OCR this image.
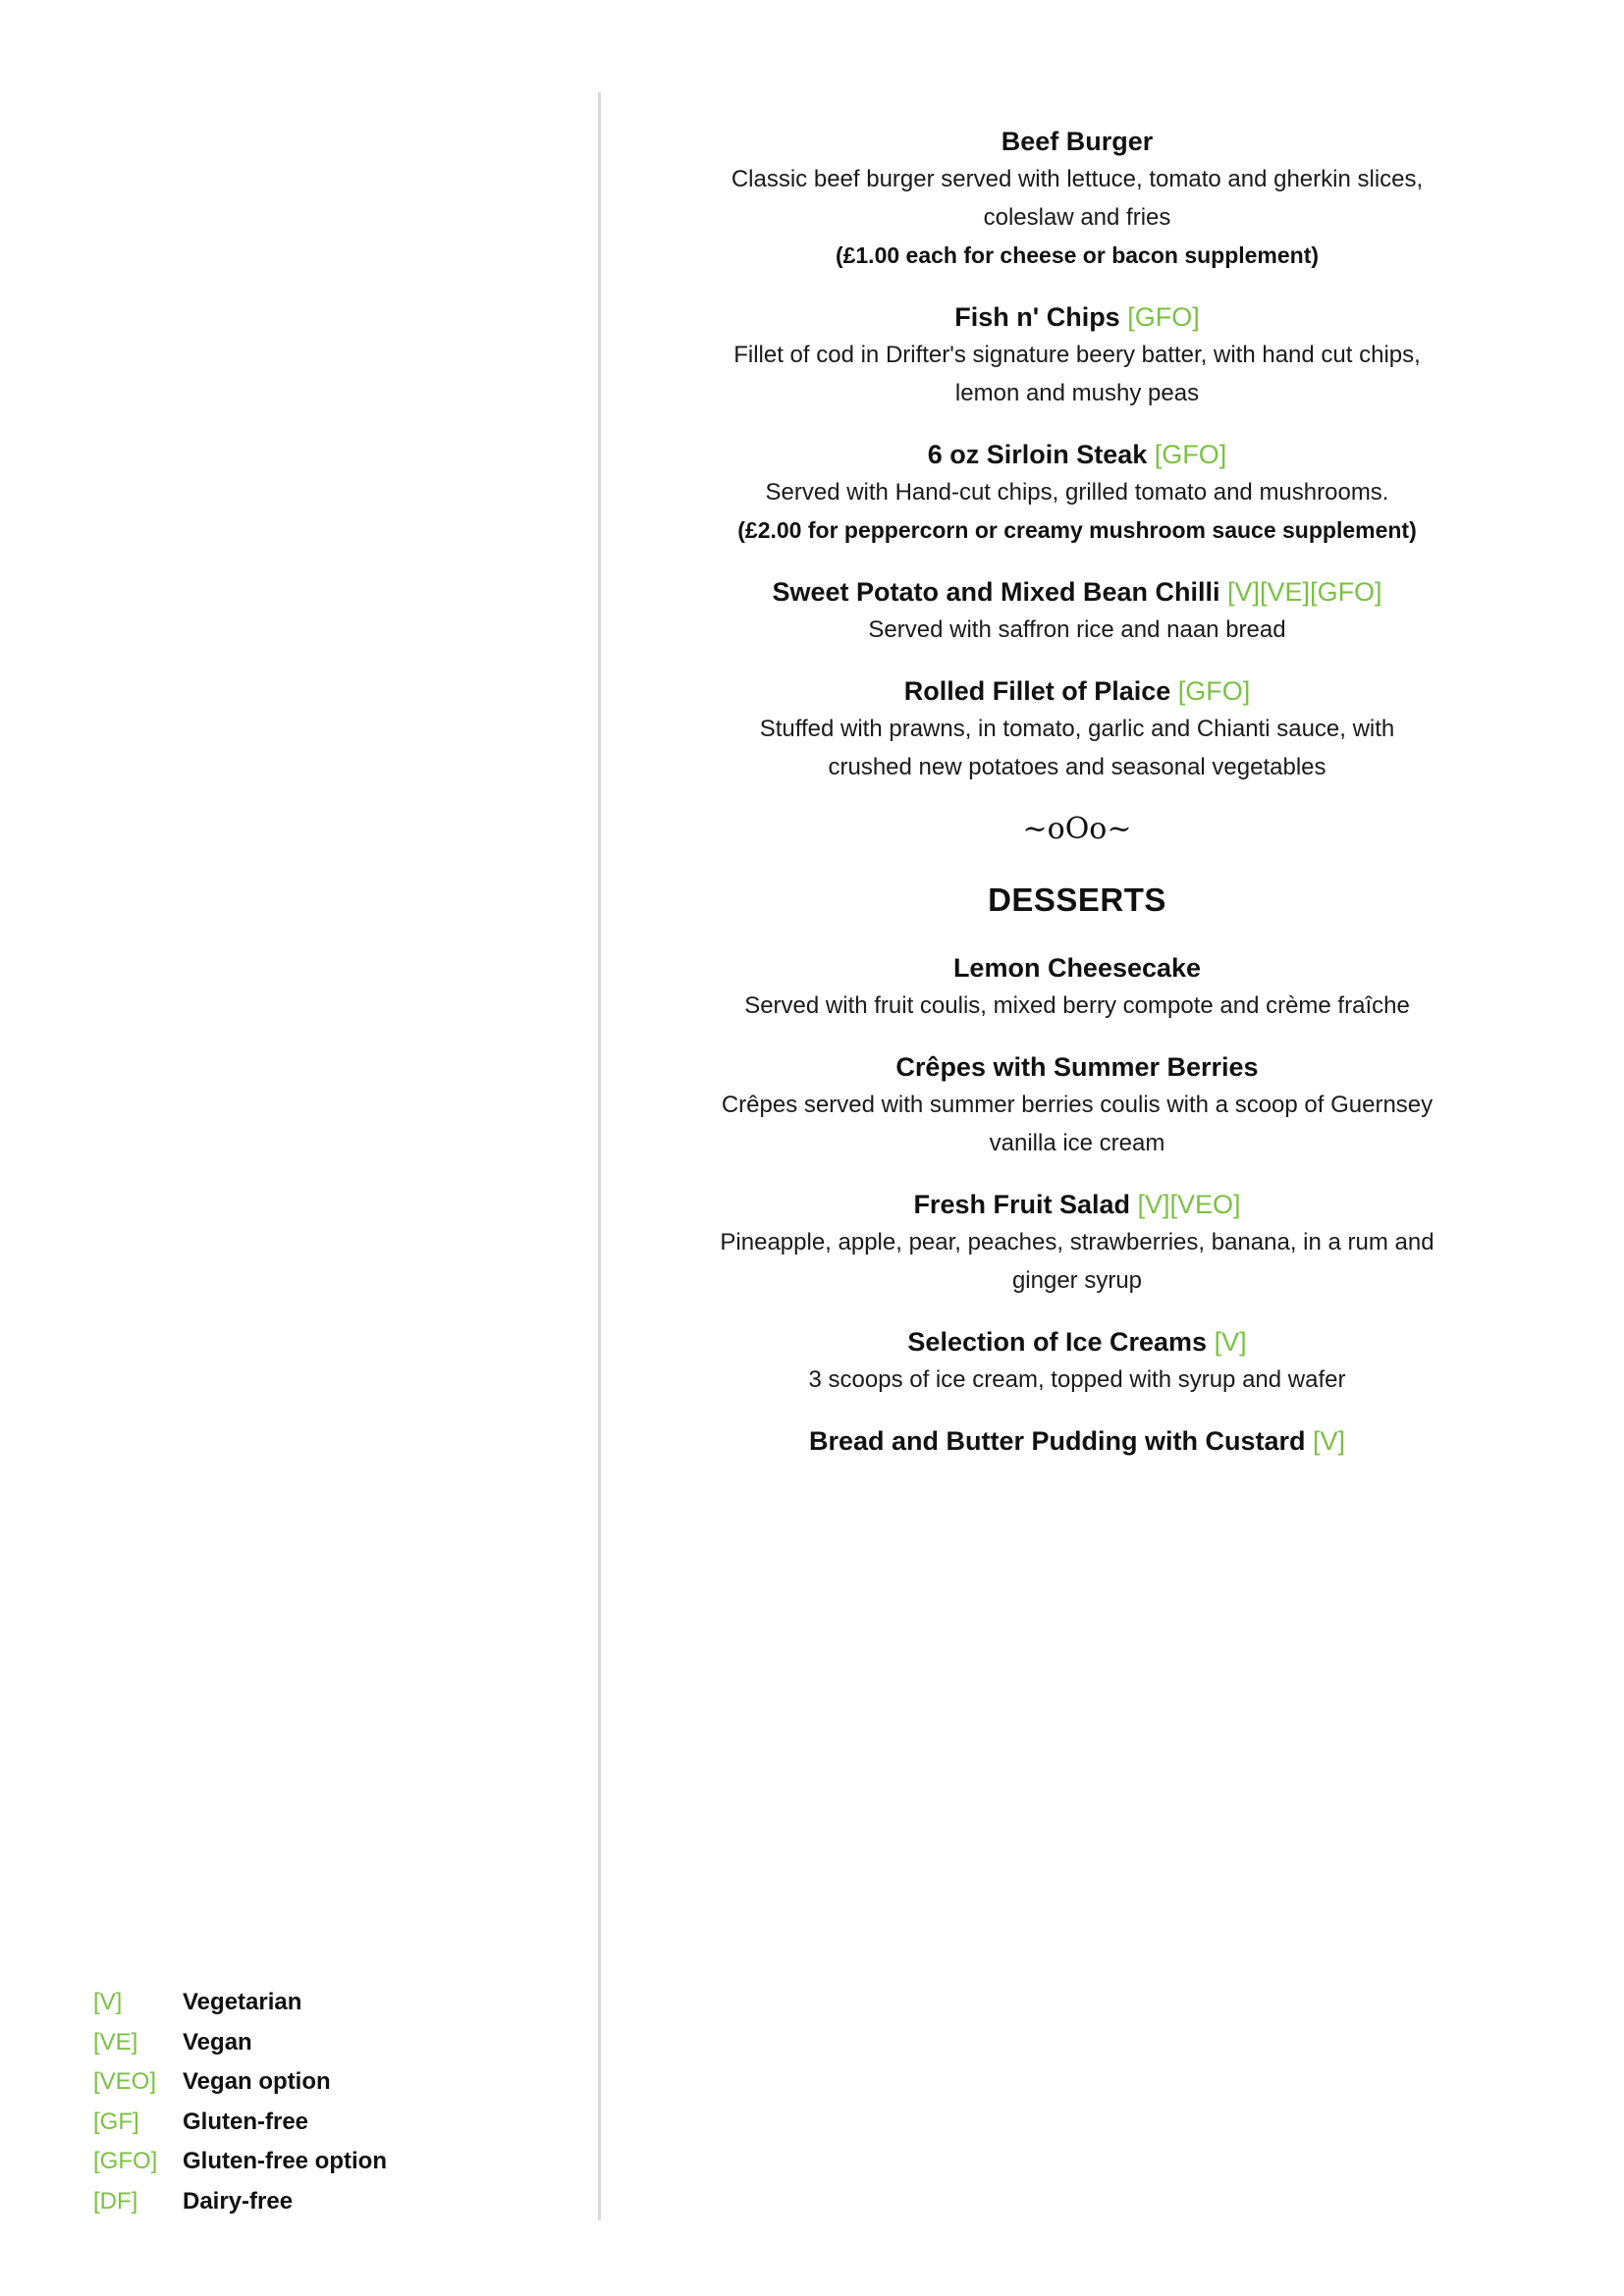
Beef Burger

Classic beef burger served with lettuce, tomato and gherkin slices, coleslaw and fries

(£1.00 each for cheese or bacon supplement)

Fish n' Chips [GFO]

Fillet of cod in Drifter's signature beery batter, with hand cut chips, lemon and mushy peas

6 oz Sirloin Steak [GFO]

Served with Hand-cut chips, grilled tomato and mushrooms.

(£2.00 for peppercorn or creamy mushroom sauce supplement)

Sweet Potato and Mixed Bean Chilli [V][VE][GFO]

Served with saffron rice and naan bread

Rolled Fillet of Plaice [GFO]

Stuffed with prawns, in tomato, garlic and Chianti sauce, with crushed new potatoes and seasonal vegetables

~oOo~

DESSERTS

Lemon Cheesecake

Served with fruit coulis, mixed berry compote and crème fraîche

Crêpes with Summer Berries

Crêpes served with summer berries coulis with a scoop of Guernsey vanilla ice cream

Fresh Fruit Salad [V][VEO]

Pineapple, apple, pear, peaches, strawberries, banana, in a rum and ginger syrup

Selection of Ice Creams [V]

3 scoops of ice cream, topped with syrup and wafer

Bread and Butter Pudding with Custard [V]

[V]	Vegetarian
[VE]	Vegan
[VEO]	Vegan option
[GF]	Gluten-free
[GFO]	Gluten-free option
[DF]	Dairy-free
